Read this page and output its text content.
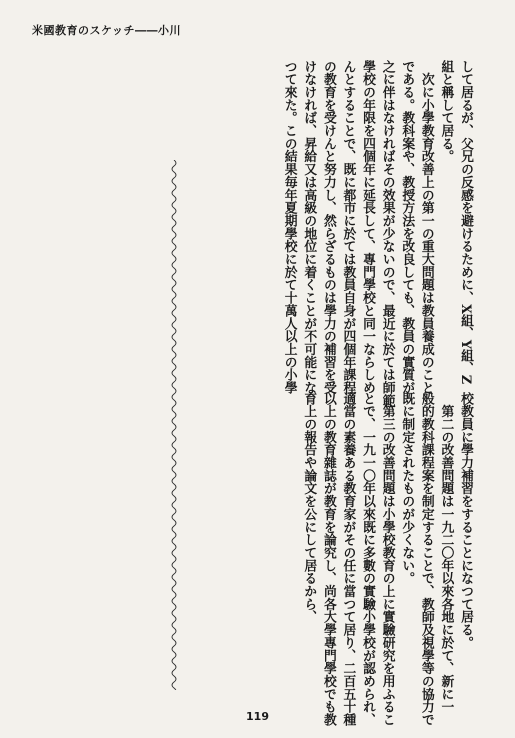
米國教育のスケッチ――小川

して居るが、父兄の反感を避けるために、X組、Y組、Z

組と稱して居る。

　次に小學教育改善上の第一の重大問題は教員養成のこと

である。教科案や、教授方法を改良しても、教員の實質が

之に伴はなければその效果が少ないので、最近に於ては師範

學校の年限を四個年に延長して、專門學校と同一ならしめ

んとすることで、既に都市に於ては教員自身が四個年課程

の教育を受けんと努力し、然らざるものは學力の補習を受

けなければ、昇給又は高級の地位に着くことが不可能にな

つて來た。この結果毎年夏期學校に於て十萬人以上の小學

校教員に學力補習をすることになつて居る。

　第二の改善問題は一九二〇年以來各地に於て、新に一

般的教科課程案を制定することで、教師及視學等の協力で

既に制定されたものが少くない。

　第三の改善問題は小學校教育の上に實驗研究を用ふるこ

とで、一九一〇年以來既に多數の實驗小學校が認められ、

適當の素養ある教育家がその任に當つて居り、二百五十種

以上の教育雜誌が教育を論究し、尚各大學專門學校でも教

育上の報告や論文を公にして居るから、

119
